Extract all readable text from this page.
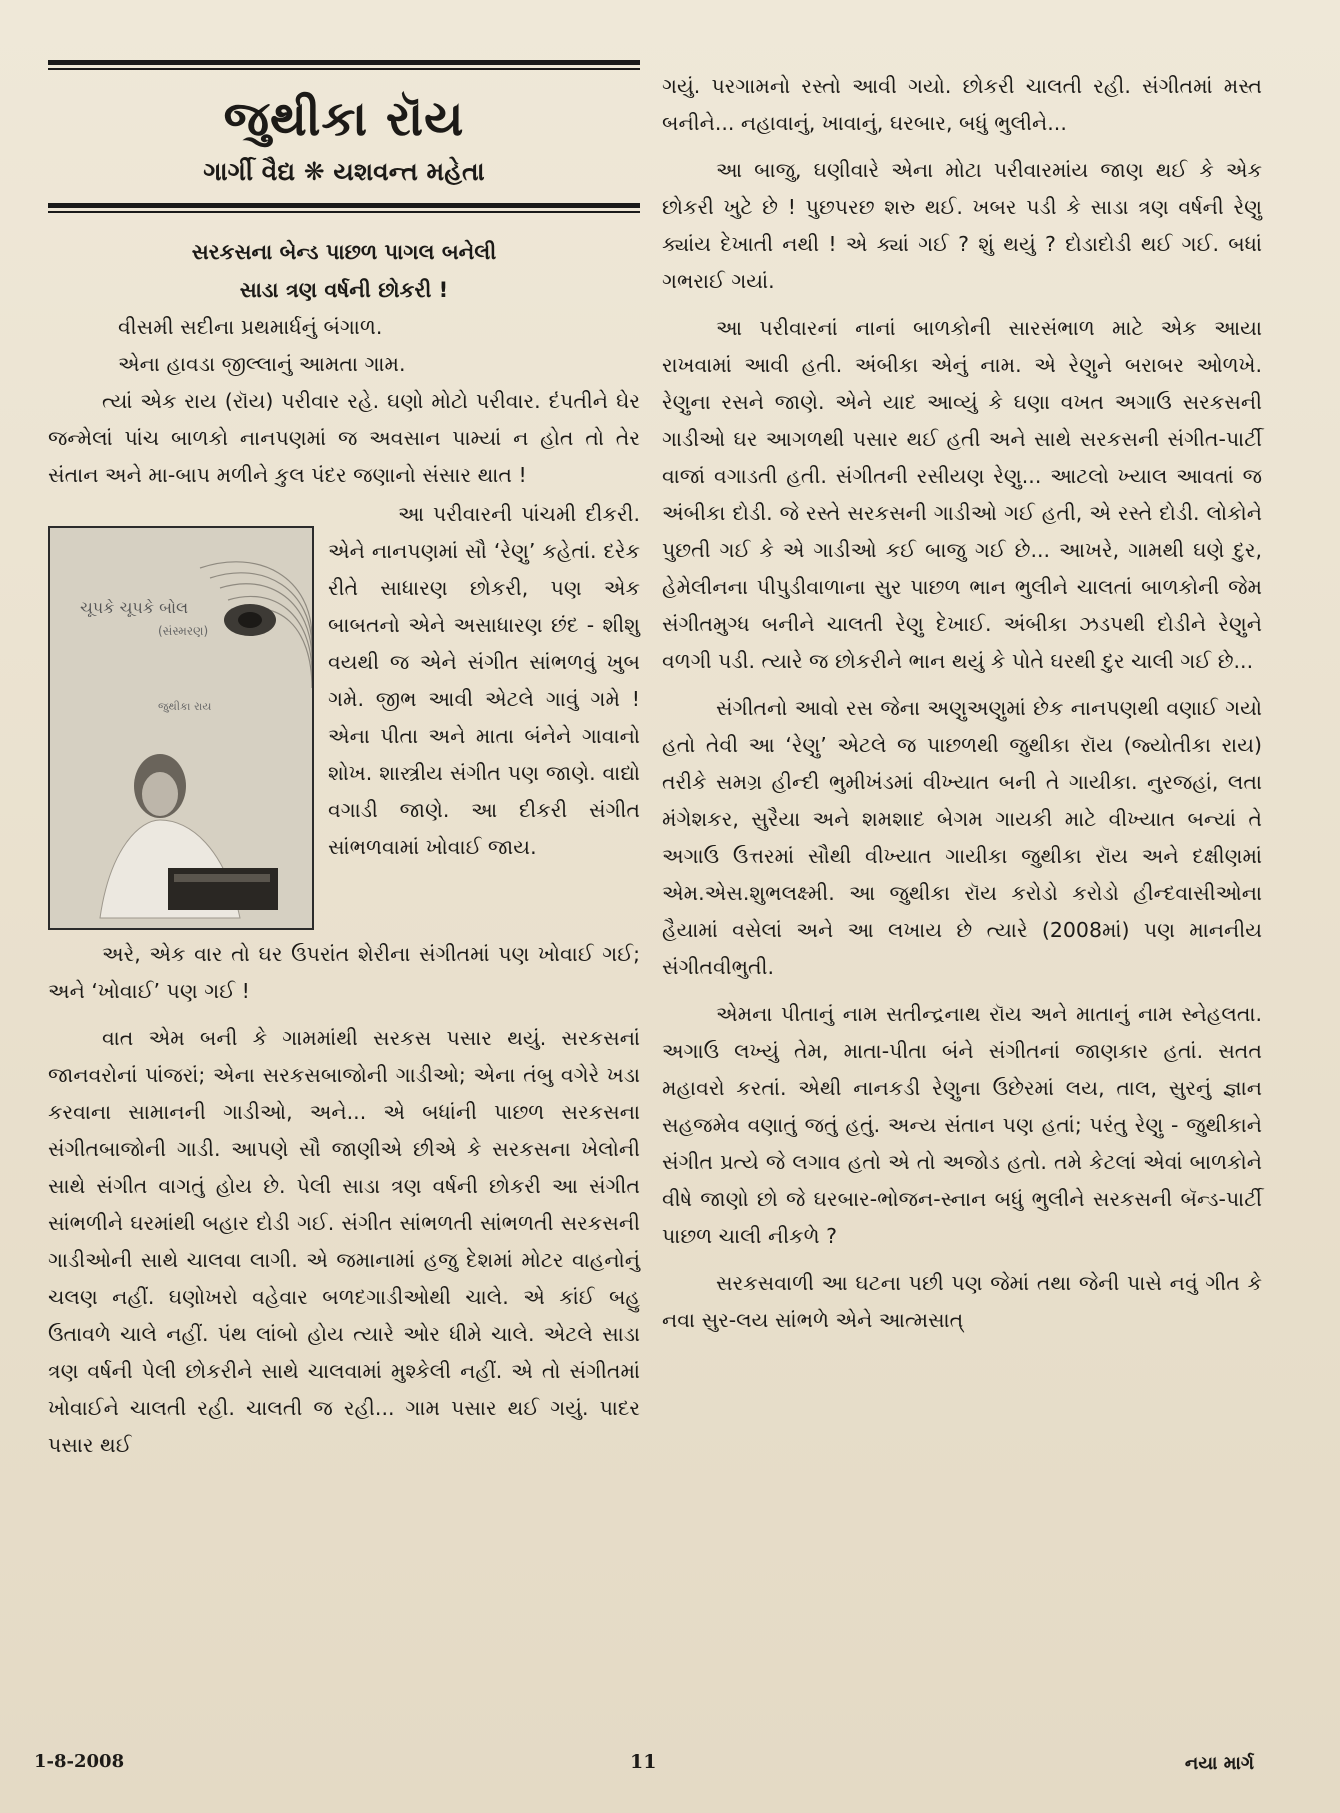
જુથીકા રૉય
ગાર્ગી વૈદ્ય ❋ યશવન્ત મહેતા
સરકસના બેન્ડ પાછળ પાગલ બનેલી
સાડા ત્રણ વર્ષની છોકરી !

વીસમી સદીના પ્રથમાર્ધનું બંગાળ.

એના હાવડા જીલ્લાનું આમતા ગામ.

ત્યાં એક રાય (રૉય) પરીવાર રહે. ઘણો મોટો પરીવાર. દંપતીને ઘેર જન્મેલાં પાંચ બાળકો નાનપણમાં જ અવસાન પામ્યાં ન હોત તો તેર સંતાન અને મા-બાપ મળીને કુલ પંદર જણાનો સંસાર થાત !

ચૂપકે ચૂપકે બોલ
(સંસ્મરણ)
જુથીકા રાય

આ પરીવારની પાંચમી દીકરી. એને નાનપણમાં સૌ ‘રેણુ’ કહેતાં. દરેક રીતે સાધારણ છોકરી, પણ એક બાબતનો એને અસાધારણ છંદ - શીશુ વયથી જ એને સંગીત સાંભળવું ખુબ ગમે. જીભ આવી એટલે ગાવું ગમે ! એના પીતા અને માતા બંનેને ગાવાનો શોખ. શાસ્ત્રીય સંગીત પણ જાણે. વાદ્યો વગાડી જાણે. આ દીકરી સંગીત સાંભળવામાં ખોવાઈ જાય.

અરે, એક વાર તો ઘર ઉપરાંત શેરીના સંગીતમાં પણ ખોવાઈ ગઈ; અને ‘ખોવાઈ’ પણ ગઈ !

વાત એમ બની કે ગામમાંથી સરકસ પસાર થયું. સરકસનાં જાનવરોનાં પાંજરાં; એના સરકસબાજોની ગાડીઓ; એના તંબુ વગેરે ખડા કરવાના સામાનની ગાડીઓ, અને... એ બધાંની પાછળ સરકસના સંગીતબાજોની ગાડી. આપણે સૌ જાણીએ છીએ કે સરકસના ખેલોની સાથે સંગીત વાગતું હોય છે. પેલી સાડા ત્રણ વર્ષની છોકરી આ સંગીત સાંભળીને ઘરમાંથી બહાર દોડી ગઈ. સંગીત સાંભળતી સાંભળતી સરકસની ગાડીઓની સાથે ચાલવા લાગી. એ જમાનામાં હજુ દેશમાં મોટર વાહનોનું ચલણ નહીં. ઘણોખરો વહેવાર બળદગાડીઓથી ચાલે. એ કાંઈ બહુ ઉતાવળે ચાલે નહીં. પંથ લાંબો હોય ત્યારે ઓર ધીમે ચાલે. એટલે સાડા ત્રણ વર્ષની પેલી છોકરીને સાથે ચાલવામાં મુશ્કેલી નહીં. એ તો સંગીતમાં ખોવાઈને ચાલતી રહી. ચાલતી જ રહી... ગામ પસાર થઈ ગયું. પાદર પસાર થઈ

ગયું. પરગામનો રસ્તો આવી ગયો. છોકરી ચાલતી રહી. સંગીતમાં મસ્ત બનીને... નહાવાનું, ખાવાનું, ઘરબાર, બધું ભુલીને...

આ બાજુ, ઘણીવારે એના મોટા પરીવારમાંય જાણ થઈ કે એક છોકરી ખુટે છે ! પુછપરછ શરુ થઈ. ખબર પડી કે સાડા ત્રણ વર્ષની રેણુ ક્યાંય દેખાતી નથી ! એ ક્યાં ગઈ ? શું થયું ? દોડાદોડી થઈ ગઈ. બધાં ગભરાઈ ગયાં.

આ પરીવારનાં નાનાં બાળકોની સારસંભાળ માટે એક આયા રાખવામાં આવી હતી. અંબીકા એનું નામ. એ રેણુને બરાબર ઓળખે. રેણુના રસને જાણે. એને યાદ આવ્યું કે ઘણા વખત અગાઉ સરકસની ગાડીઓ ઘર આગળથી પસાર થઈ હતી અને સાથે સરકસની સંગીત-પાર્ટી વાજાં વગાડતી હતી. સંગીતની રસીયણ રેણુ... આટલો ખ્યાલ આવતાં જ અંબીકા દોડી. જે રસ્તે સરકસની ગાડીઓ ગઈ હતી, એ રસ્તે દોડી. લોકોને પુછતી ગઈ કે એ ગાડીઓ કઈ બાજુ ગઈ છે... આખરે, ગામથી ઘણે દુર, હેમેલીનના પીપુડીવાળાના સુર પાછળ ભાન ભુલીને ચાલતાં બાળકોની જેમ સંગીતમુગ્ધ બનીને ચાલતી રેણુ દેખાઈ. અંબીકા ઝડપથી દોડીને રેણુને વળગી પડી. ત્યારે જ છોકરીને ભાન થયું કે પોતે ઘરથી દુર ચાલી ગઈ છે...

સંગીતનો આવો રસ જેના અણુઅણુમાં છેક નાનપણથી વણાઈ ગયો હતો તેવી આ ‘રેણુ’ એટલે જ પાછળથી જુથીકા રૉય (જ્યોતીકા રાય) તરીકે સમગ્ર હીન્દી ભુમીખંડમાં વીખ્યાત બની તે ગાયીકા. નુરજહાં, લતા મંગેશકર, સુરૈયા અને શમશાદ બેગમ ગાયકી માટે વીખ્યાત બન્યાં તે અગાઉ ઉત્તરમાં સૌથી વીખ્યાત ગાયીકા જુથીકા રૉય અને દક્ષીણમાં એમ.એસ.શુભલક્ષ્મી. આ જુથીકા રૉય કરોડો કરોડો હીન્દવાસીઓના હૈયામાં વસેલાં અને આ લખાય છે ત્યારે (2008માં) પણ માનનીય સંગીતવીભુતી.

એમના પીતાનું નામ સતીન્દ્રનાથ રૉય અને માતાનું નામ સ્નેહલતા. અગાઉ લખ્યું તેમ, માતા-પીતા બંને સંગીતનાં જાણકાર હતાં. સતત મહાવરો કરતાં. એથી નાનકડી રેણુના ઉછેરમાં લય, તાલ, સુરનું જ્ઞાન સહજમેવ વણાતું જતું હતું. અન્ય સંતાન પણ હતાં; પરંતુ રેણુ - જુથીકાને સંગીત પ્રત્યે જે લગાવ હતો એ તો અજોડ હતો. તમે કેટલાં એવાં બાળકોને વીષે જાણો છો જે ઘરબાર-ભોજન-સ્નાન બધું ભુલીને સરકસની બૅન્ડ-પાર્ટી પાછળ ચાલી નીકળે ?

સરકસવાળી આ ઘટના પછી પણ જેમાં તથા જેની પાસે નવું ગીત કે નવા સુર-લય સાંભળે એને આત્મસાત્

1-8-2008	11	નયા માર્ગ
